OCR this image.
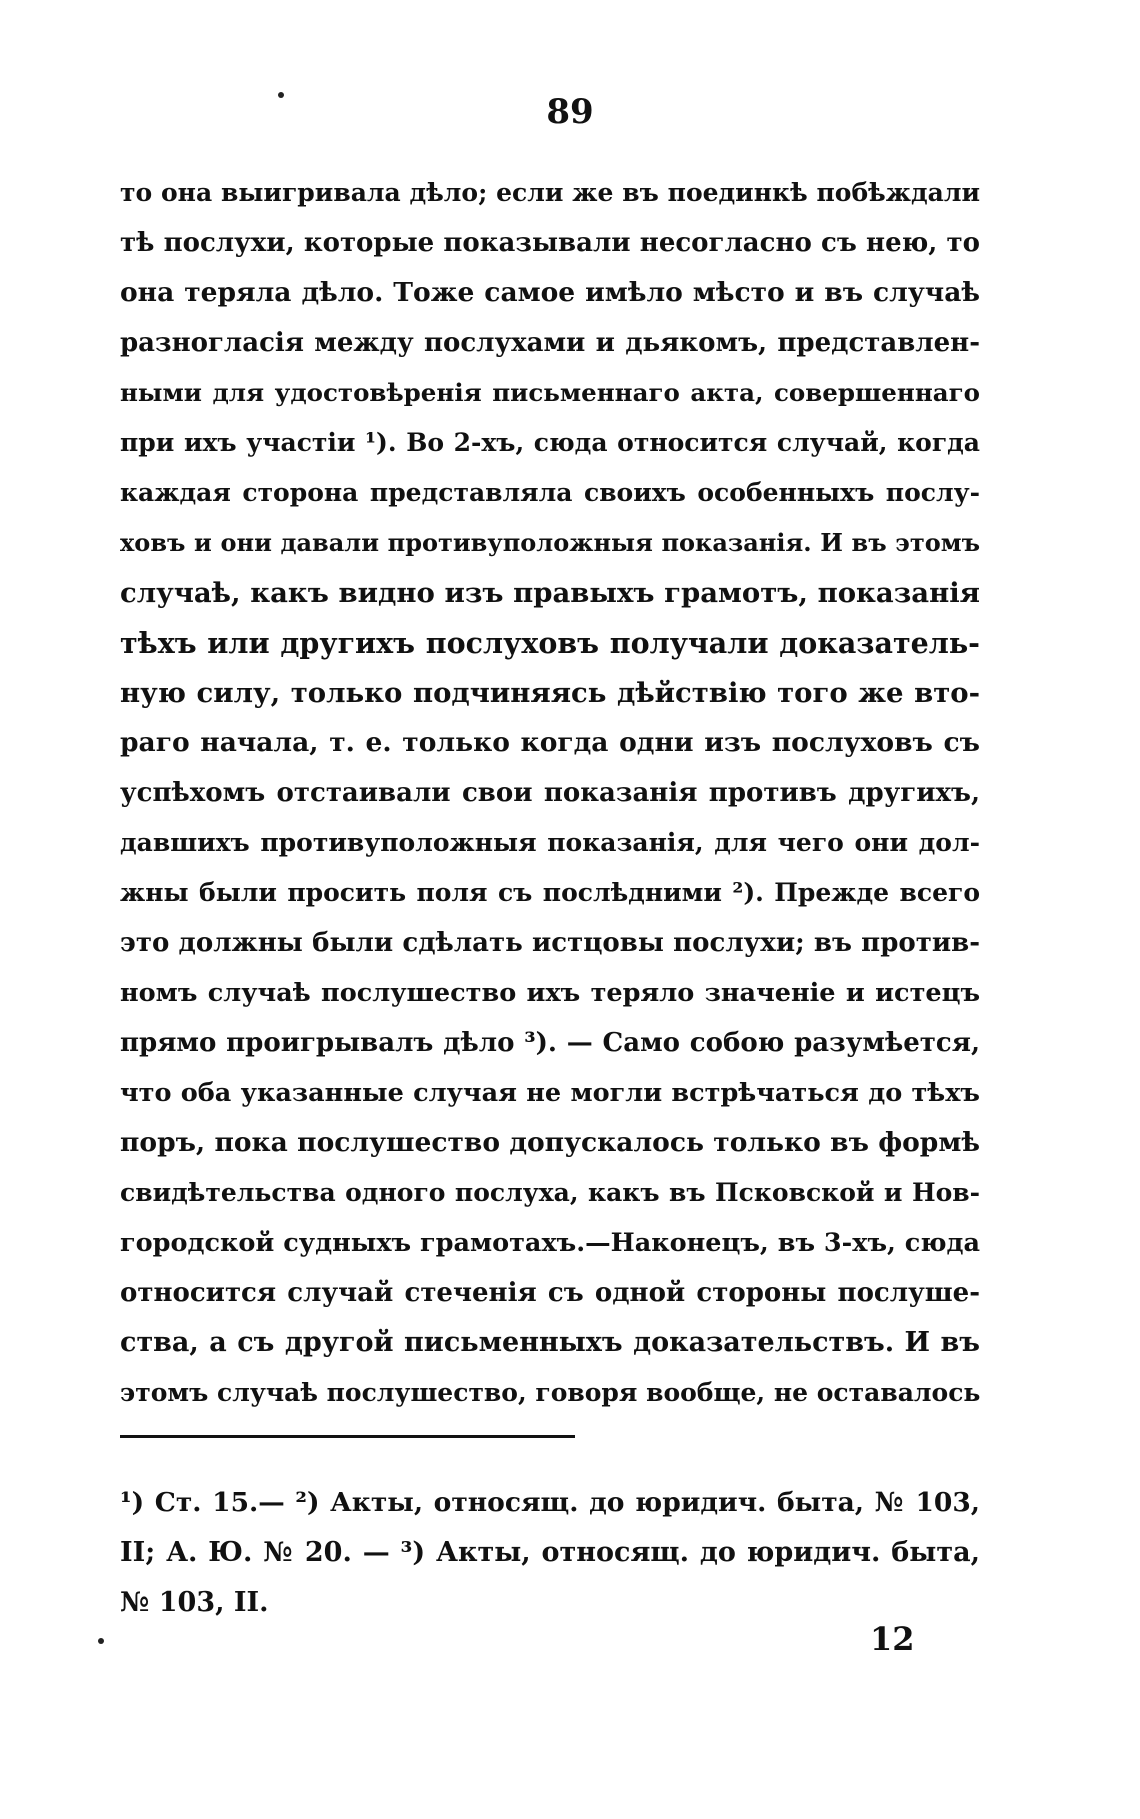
89
то она выигривала дѣло; если же въ поединкѣ побѣждали
тѣ послухи, которые показывали несогласно съ нею, то
она теряла дѣло. Тоже самое имѣло мѣсто и въ случаѣ
разногласія между послухами и дьякомъ, представлен-
ными для удостовѣренія письменнаго акта, совершеннаго
при ихъ участіи ¹). Во 2-хъ, сюда относится случай, когда
каждая сторона представляла своихъ особенныхъ послу-
ховъ и они давали противуположныя показанія. И въ этомъ
случаѣ, какъ видно изъ правыхъ грамотъ, показанія
тѣхъ или другихъ послуховъ получали доказатель-
ную силу, только подчиняясь дѣйствію того же вто-
раго начала, т. е. только когда одни изъ послуховъ съ
успѣхомъ отстаивали свои показанія противъ другихъ,
давшихъ противуположныя показанія, для чего они дол-
жны были просить поля съ послѣдними ²). Прежде всего
это должны были сдѣлать истцовы послухи; въ против-
номъ случаѣ послушество ихъ теряло значеніе и истецъ
прямо проигрывалъ дѣло ³). — Само собою разумѣется,
что оба указанные случая не могли встрѣчаться до тѣхъ
поръ, пока послушество допускалось только въ формѣ
свидѣтельства одного послуха, какъ въ Псковской и Нов-
городской судныхъ грамотахъ.—Наконецъ, въ 3-хъ, сюда
относится случай стеченія съ одной стороны послуше-
ства, а съ другой письменныхъ доказательствъ. И въ
этомъ случаѣ послушество, говоря вообще, не оставалось
¹) Ст. 15.— ²) Акты, относящ. до юридич. быта, № 103,
II; А. Ю. № 20. — ³) Акты, относящ. до юридич. быта,
№ 103, II.
12
